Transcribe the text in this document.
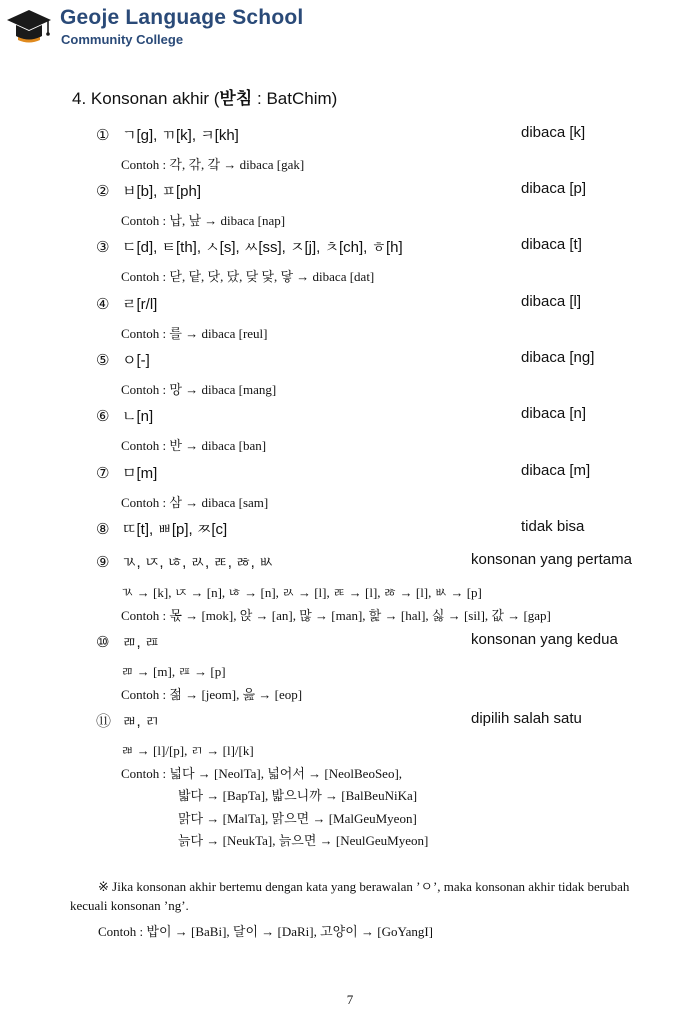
Geoje Language School
Community College
4. Konsonan akhir (받침 : BatChim)
① ㄱ[g], ㄲ[k], ㅋ[kh]	dibaca [k]
Contoh : 각, 갂, 갘 → dibaca [gak]
② ㅂ[b], ㅍ[ph]	dibaca [p]
Contoh : 납, 낲 → dibaca [nap]
③ ㄷ[d], ㅌ[th], ㅅ[s], ㅆ[ss], ㅈ[j], ㅊ[ch], ㅎ[h]	dibaca [t]
Contoh : 닫, 닽, 닷, 닸, 닺 닻, 닿 → dibaca [dat]
④ ㄹ[r/l]	dibaca [l]
Contoh : 를 → dibaca [reul]
⑤ ㅇ[-]	dibaca [ng]
Contoh : 망 → dibaca [mang]
⑥ ㄴ[n]	dibaca [n]
Contoh : 반 → dibaca [ban]
⑦ ㅁ[m]	dibaca [m]
Contoh : 삼 → dibaca [sam]
⑧ ㄸ[t], ㅃ[p], ㅉ[c]	tidak bisa
⑨ ㄳ, ㄵ, ㄶ, ㄽ, ㄾ, ㅀ, ㅄ	konsonan yang pertama
ㄳ → [k], ㄵ → [n], ㄶ → [n], ㄽ → [l], ㄾ → [l], ㅀ → [l], ㅄ → [p]
Contoh : 몫 → [mok], 앉 → [an], 많 → [man], 핥 → [hal], 싫 → [sil], 값 → [gap]
⑩ ㄻ, ㄿ	konsonan yang kedua
ㄻ → [m], ㄿ → [p]
Contoh : 젊 → [jeom], 읊 → [eop]
⑪ ㄼ, ㄺ	dipilih salah satu
ㄼ → [l]/[p], ㄺ → [l]/[k]
Contoh : 넓다 → [NeolTa], 넓어서 → [NeolBeoSeo],
밟다 → [BapTa], 밟으니까 → [BalBeuNiKa]
맑다 → [MalTa], 맑으면 → [MalGeuMyeon]
늙다 → [NeukTa], 늙으면 → [NeulGeuMyeon]
※ Jika konsonan akhir bertemu dengan kata yang berawalan ’ㅇ’, maka konsonan akhir tidak berubah
kecuali konsonan ’ng’.
Contoh : 밥이 → [BaBi], 달이 → [DaRi], 고양이 → [GoYangI]
7
